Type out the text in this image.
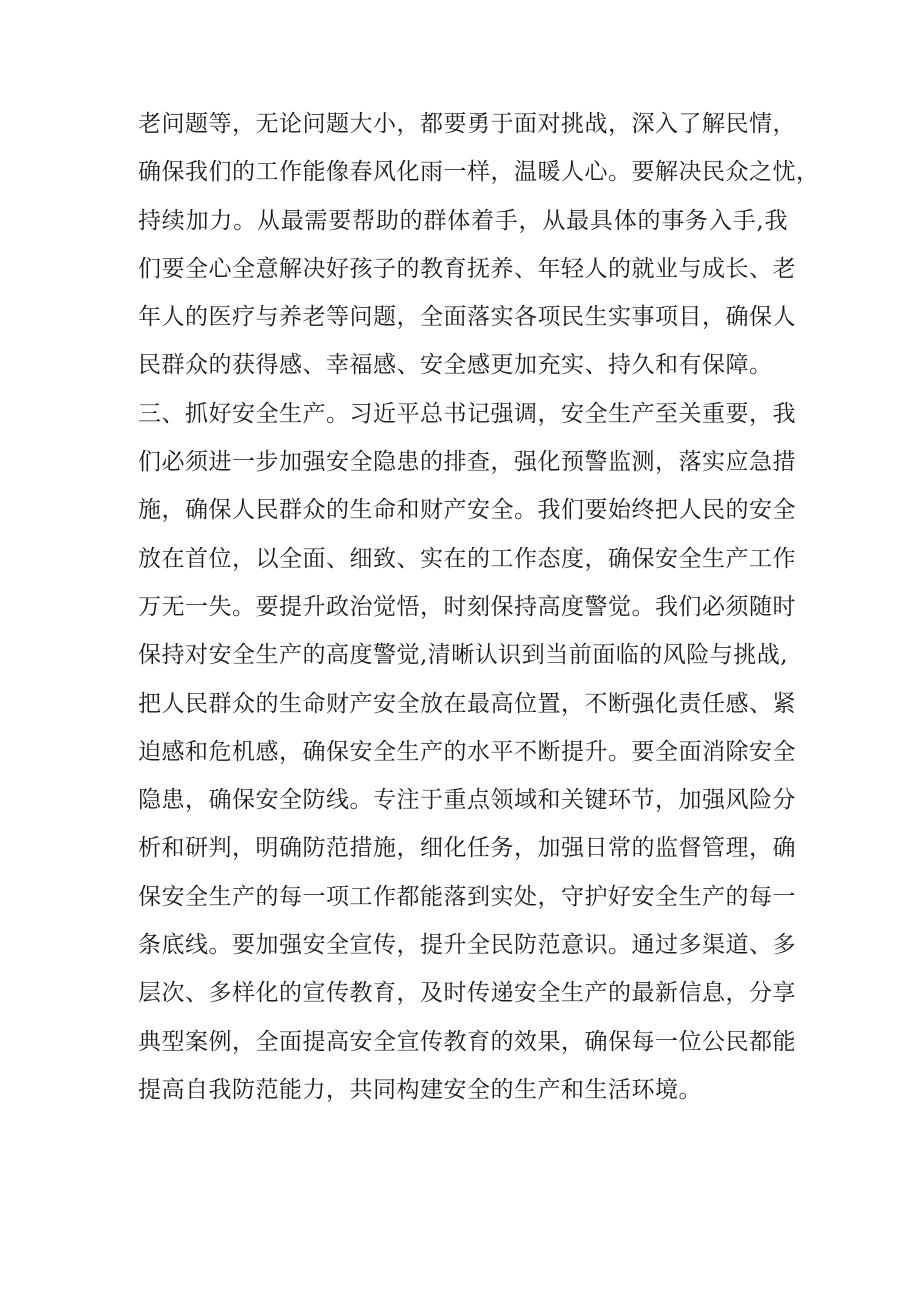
老问题等，无论问题大小，都要勇于面对挑战，深入了解民情，
确保我们的工作能像春风化雨一样，温暖人心。要解决民众之忧，
持续加力。从最需要帮助的群体着手，从最具体的事务入手,我
们要全心全意解决好孩子的教育抚养、年轻人的就业与成长、老
年人的医疗与养老等问题，全面落实各项民生实事项目，确保人
民群众的获得感、幸福感、安全感更加充实、持久和有保障。
三、抓好安全生产。习近平总书记强调，安全生产至关重要，我
们必须进一步加强安全隐患的排查，强化预警监测，落实应急措
施，确保人民群众的生命和财产安全。我们要始终把人民的安全
放在首位，以全面、细致、实在的工作态度，确保安全生产工作
万无一失。要提升政治觉悟，时刻保持高度警觉。我们必须随时
保持对安全生产的高度警觉,清晰认识到当前面临的风险与挑战,
把人民群众的生命财产安全放在最高位置，不断强化责任感、紧
迫感和危机感，确保安全生产的水平不断提升。要全面消除安全
隐患，确保安全防线。专注于重点领域和关键环节，加强风险分
析和研判，明确防范措施，细化任务，加强日常的监督管理，确
保安全生产的每一项工作都能落到实处，守护好安全生产的每一
条底线。要加强安全宣传，提升全民防范意识。通过多渠道、多
层次、多样化的宣传教育，及时传递安全生产的最新信息，分享
典型案例，全面提高安全宣传教育的效果，确保每一位公民都能
提高自我防范能力，共同构建安全的生产和生活环境。
